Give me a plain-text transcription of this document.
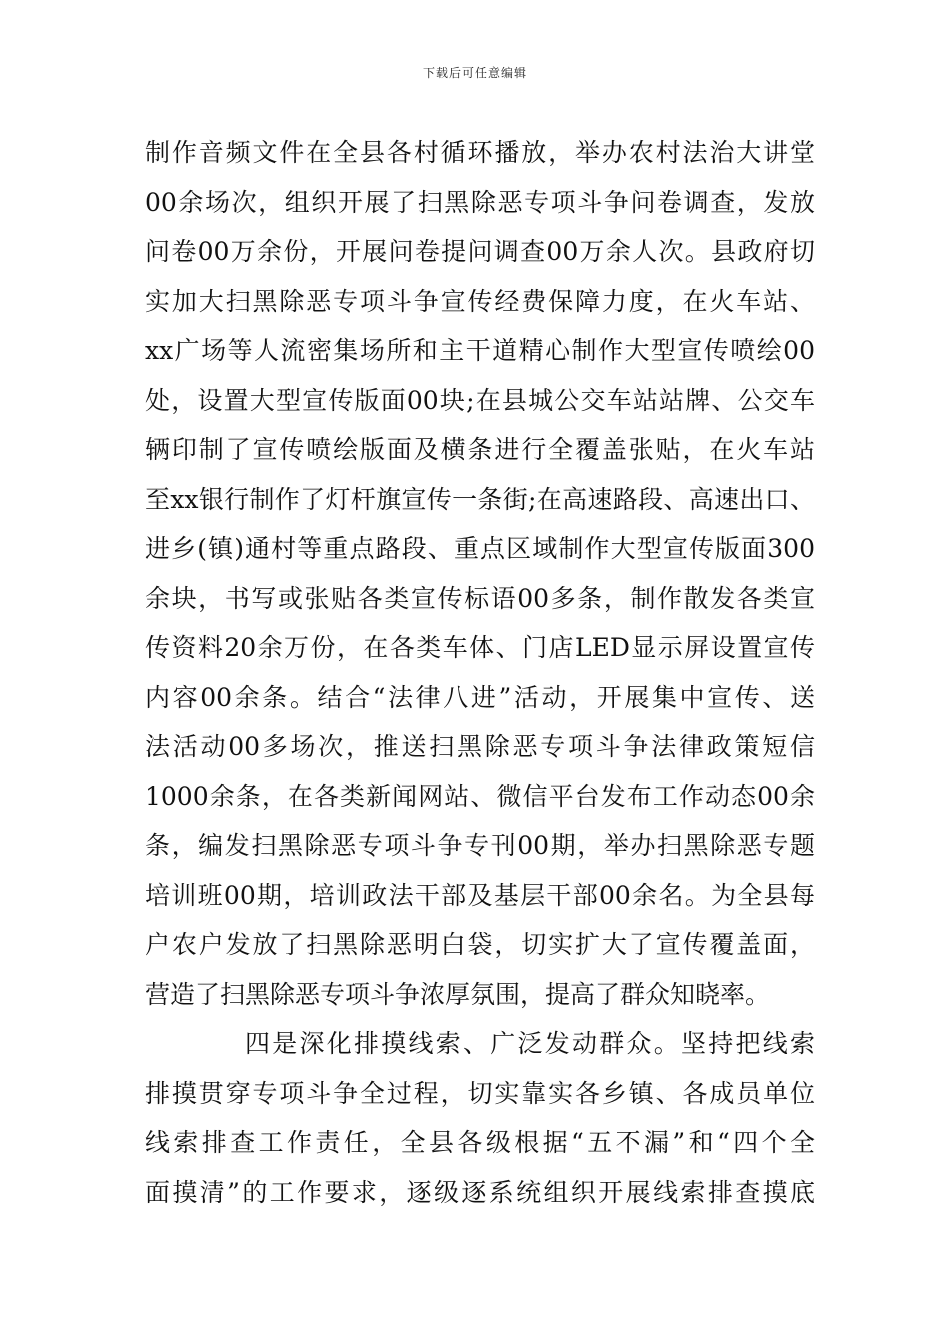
下载后可任意编辑
制作音频文件在全县各村循环播放，举办农村法治大讲堂
00余场次，组织开展了扫黑除恶专项斗争问卷调查，发放
问卷00万余份，开展问卷提问调查00万余人次。县政府切
实加大扫黑除恶专项斗争宣传经费保障力度，在火车站、
xx广场等人流密集场所和主干道精心制作大型宣传喷绘00
处，设置大型宣传版面00块;在县城公交车站站牌、公交车
辆印制了宣传喷绘版面及横条进行全覆盖张贴，在火车站
至xx银行制作了灯杆旗宣传一条街;在高速路段、高速出口、
进乡(镇)通村等重点路段、重点区域制作大型宣传版面300
余块，书写或张贴各类宣传标语00多条，制作散发各类宣
传资料20余万份，在各类车体、门店LED显示屏设置宣传
内容00余条。结合“法律八进”活动，开展集中宣传、送
法活动00多场次，推送扫黑除恶专项斗争法律政策短信
1000余条，在各类新闻网站、微信平台发布工作动态00余
条，编发扫黑除恶专项斗争专刊00期，举办扫黑除恶专题
培训班00期，培训政法干部及基层干部00余名。为全县每
户农户发放了扫黑除恶明白袋，切实扩大了宣传覆盖面，
营造了扫黑除恶专项斗争浓厚氛围，提高了群众知晓率。
四是深化排摸线索、广泛发动群众。坚持把线索
排摸贯穿专项斗争全过程，切实靠实各乡镇、各成员单位
线索排查工作责任，全县各级根据“五不漏”和“四个全
面摸清”的工作要求，逐级逐系统组织开展线索排查摸底
